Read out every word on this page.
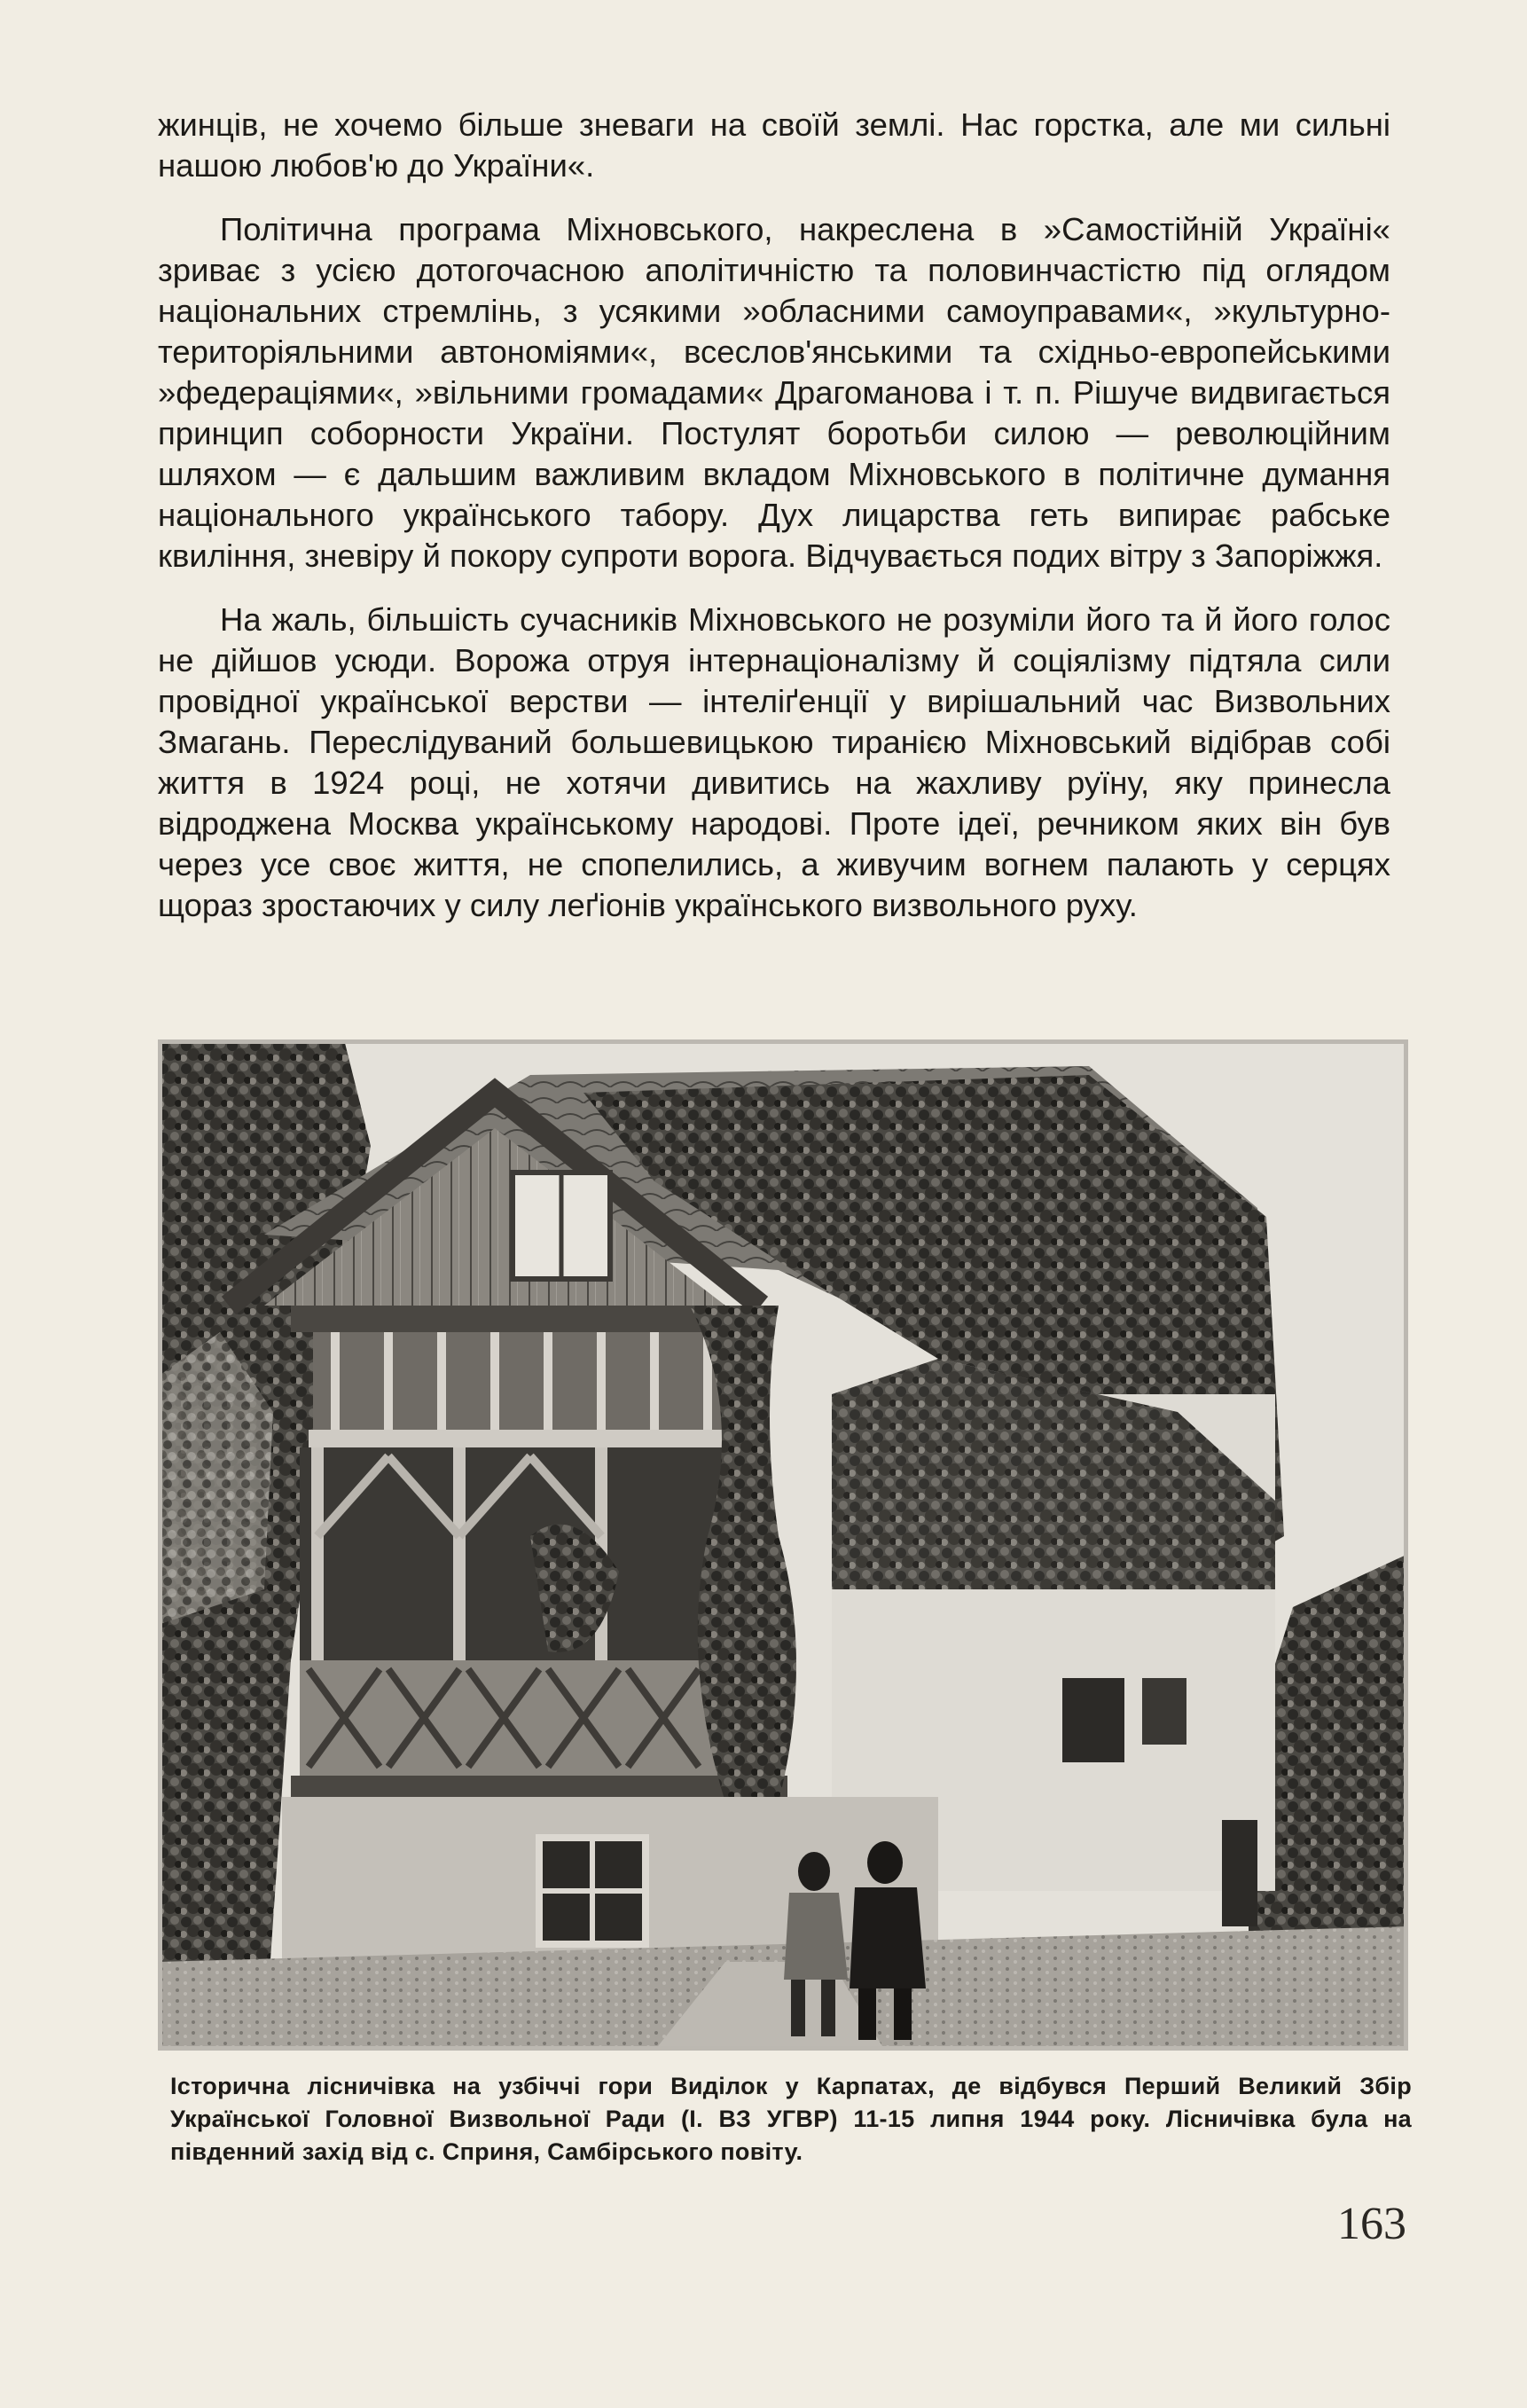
жинців, не хочемо більше зневаги на своїй землі. Нас горстка, але ми сильні нашою любов'ю до України«.

Політична програма Міхновського, накреслена в »Самостійній Україні« зриває з усією дотогочасною аполітичністю та половинчастістю під оглядом національних стремлінь, з усякими »обласними самоуправами«, »культурно-територіяльними автономіями«, всеслов'янськими та східньо-европейськими »федераціями«, »вільними громадами« Драгоманова і т. п. Рішуче видвигається принцип соборности України. Постулят боротьби силою — революційним шляхом — є дальшим важливим вкладом Міхновського в політичне думання національного українського табору. Дух лицарства геть випирає рабське квиління, зневіру й покору супроти ворога. Відчувається подих вітру з Запоріжжя.

На жаль, більшість сучасників Міхновського не розуміли його та й його голос не дійшов усюди. Ворожа отруя інтернаціоналізму й соціялізму підтяла сили провідної української верстви — інтеліґенції у вирішальний час Визвольних Змагань. Переслідуваний большевицькою тиранією Міхновський відібрав собі життя в 1924 році, не хотячи дивитись на жахливу руїну, яку принесла відроджена Москва українському народові. Проте ідеї, речником яких він був через усе своє життя, не спопелились, а живучим вогнем палають у серцях щораз зростаючих у силу леґіонів українського визвольного руху.

Історична лісничівка на узбіччі гори Виділок у Карпатах, де відбувся Перший Великий Збір Української Головної Визвольної Ради (І. ВЗ УГВР) 11-15 липня 1944 року. Лісничівка була на південний захід від с. Сприня, Самбірського повіту.
163
